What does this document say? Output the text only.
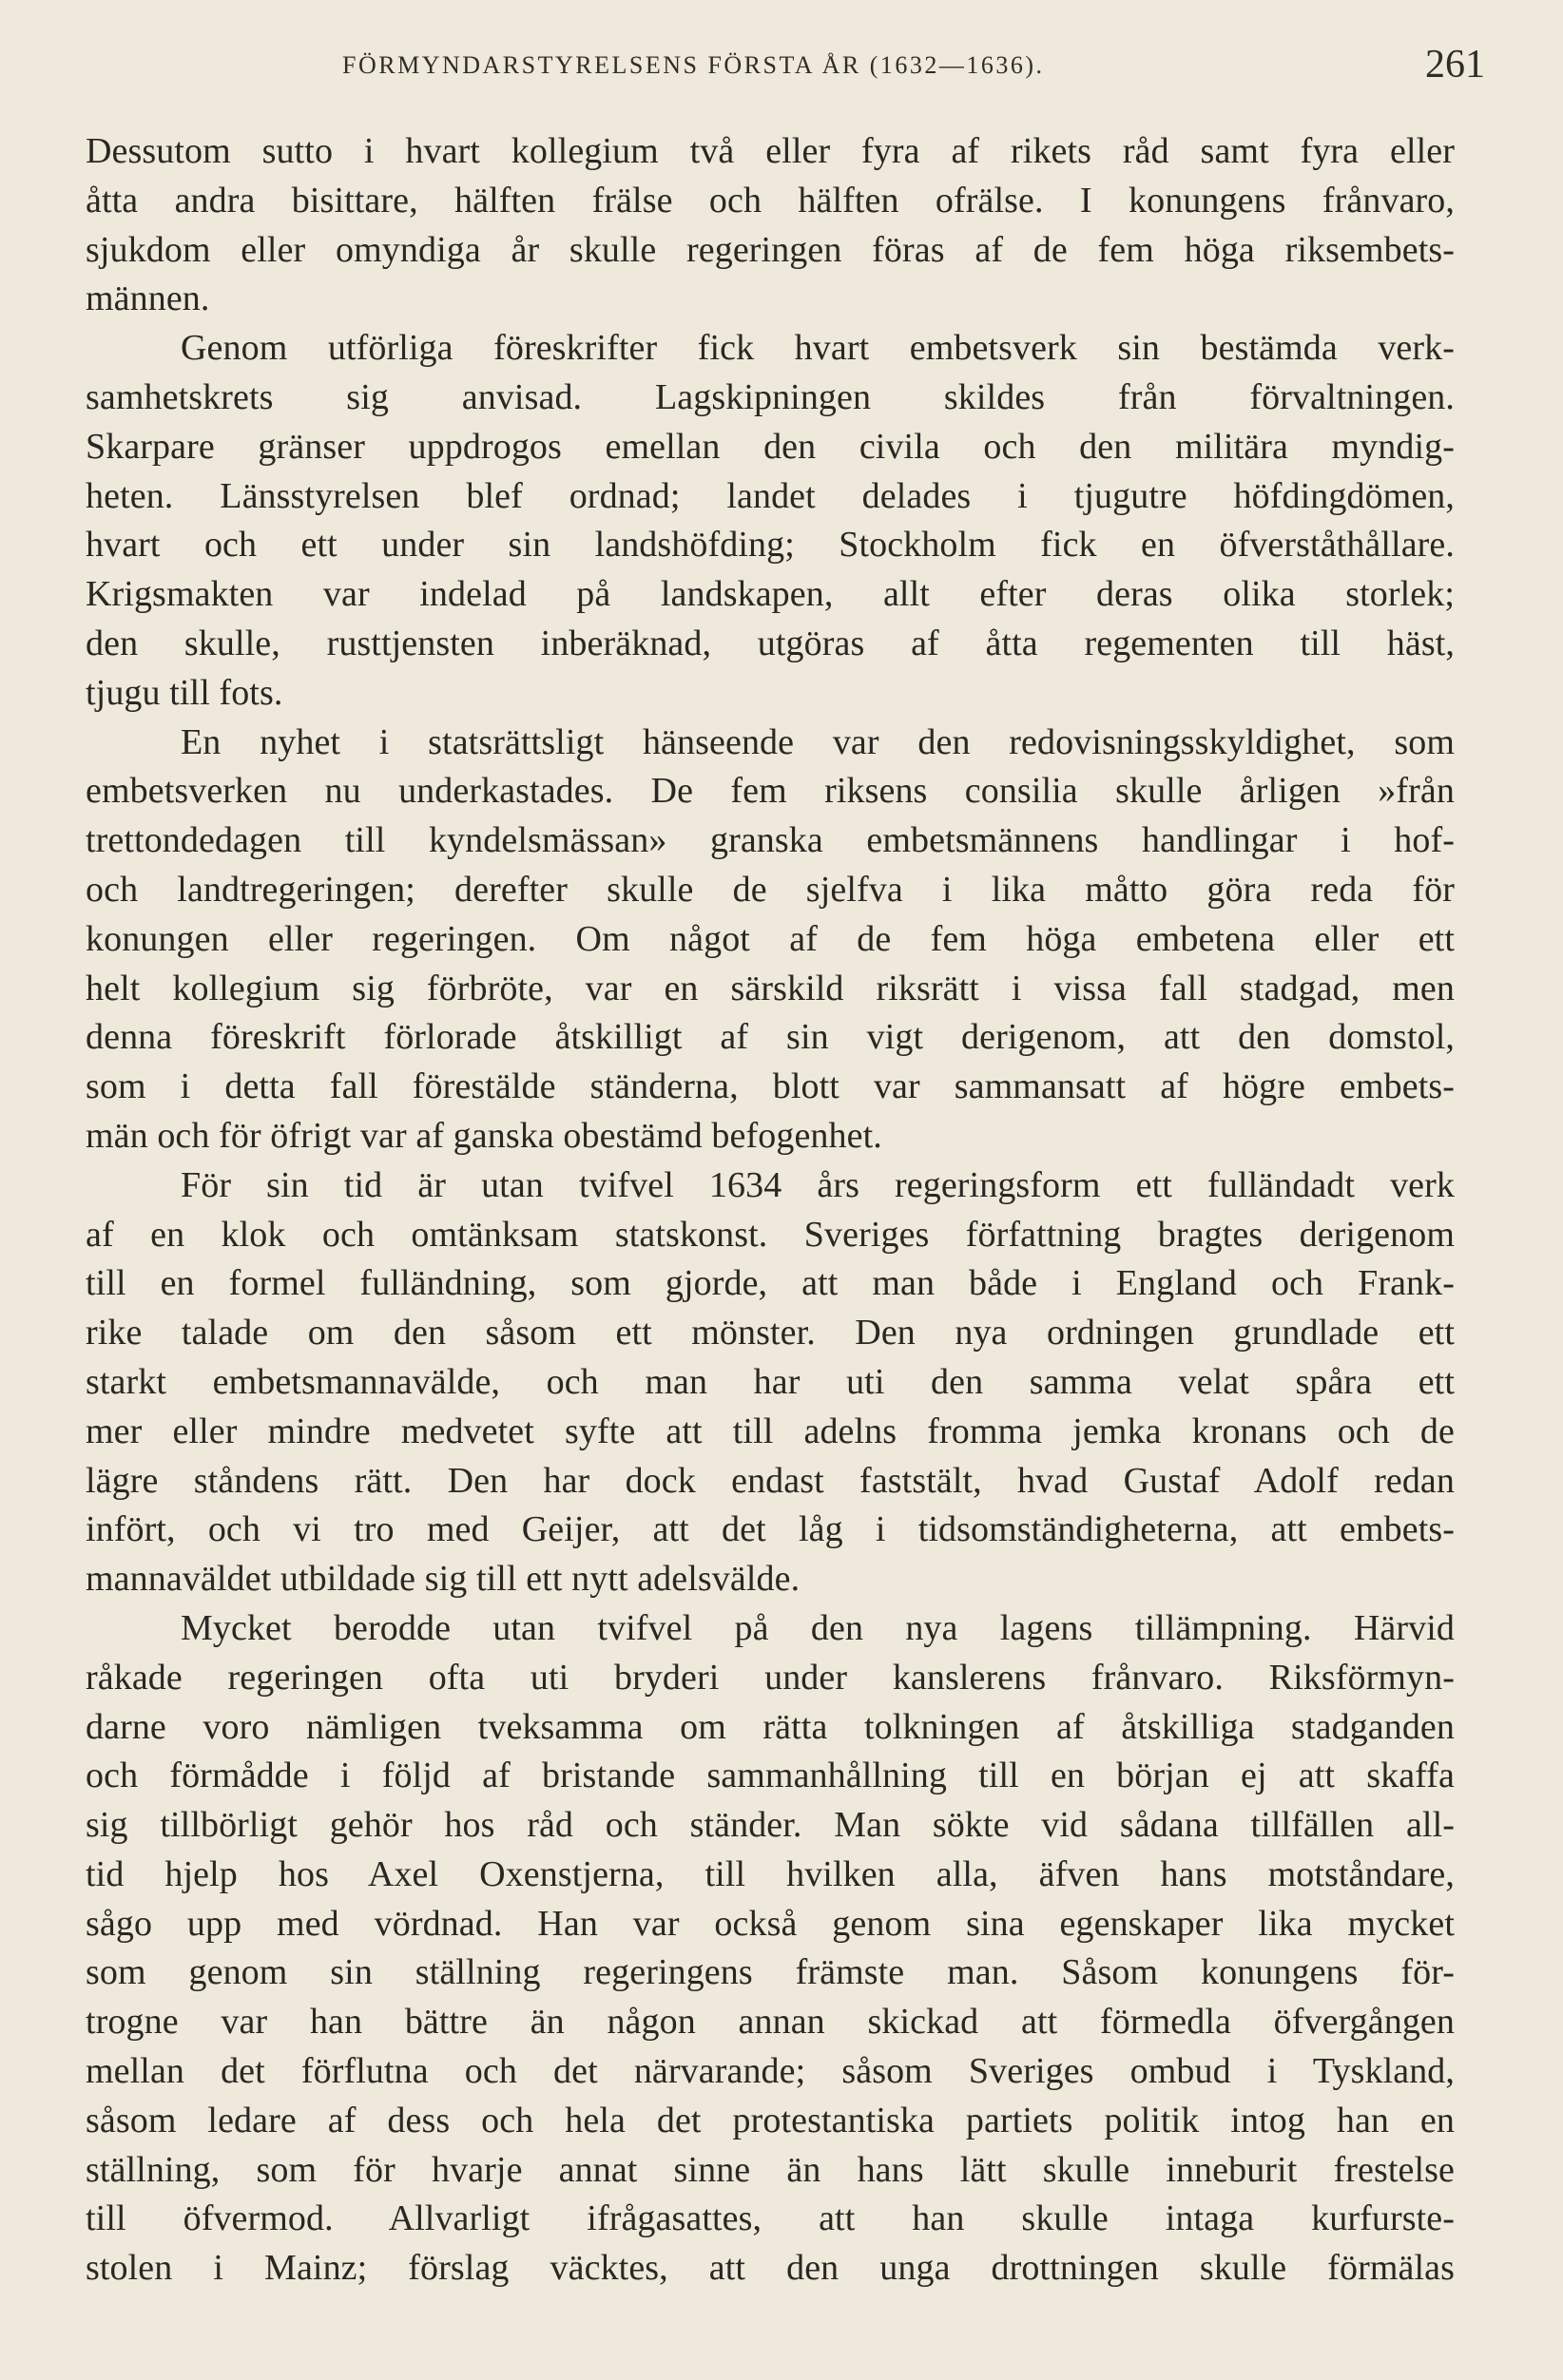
FÖRMYNDARSTYRELSENS FÖRSTA ÅR (1632—1636).	261
Dessutom sutto i hvart kollegium två eller fyra af rikets råd samt fyra eller
åtta andra bisittare, hälften frälse och hälften ofrälse. I konungens frånvaro,
sjukdom eller omyndiga år skulle regeringen föras af de fem höga riksembets-
männen.
Genom utförliga föreskrifter fick hvart embetsverk sin bestämda verk-
samhetskrets sig anvisad. Lagskipningen skildes från förvaltningen.
Skarpare gränser uppdrogos emellan den civila och den militära myndig-
heten. Länsstyrelsen blef ordnad; landet delades i tjugutre höfdingdömen,
hvart och ett under sin landshöfding; Stockholm fick en öfverståthållare.
Krigsmakten var indelad på landskapen, allt efter deras olika storlek;
den skulle, rusttjensten inberäknad, utgöras af åtta regementen till häst,
tjugu till fots.
En nyhet i statsrättsligt hänseende var den redovisningsskyldighet, som
embetsverken nu underkastades. De fem riksens consilia skulle årligen »från
trettondedagen till kyndelsmässan» granska embetsmännens handlingar i hof-
och landtregeringen; derefter skulle de sjelfva i lika måtto göra reda för
konungen eller regeringen. Om något af de fem höga embetena eller ett
helt kollegium sig förbröte, var en särskild riksrätt i vissa fall stadgad, men
denna föreskrift förlorade åtskilligt af sin vigt derigenom, att den domstol,
som i detta fall förestälde ständerna, blott var sammansatt af högre embets-
män och för öfrigt var af ganska obestämd befogenhet.
För sin tid är utan tvifvel 1634 års regeringsform ett fulländadt verk
af en klok och omtänksam statskonst. Sveriges författning bragtes derigenom
till en formel fulländning, som gjorde, att man både i England och Frank-
rike talade om den såsom ett mönster. Den nya ordningen grundlade ett
starkt embetsmannavälde, och man har uti den samma velat spåra ett
mer eller mindre medvetet syfte att till adelns fromma jemka kronans och de
lägre ståndens rätt. Den har dock endast faststält, hvad Gustaf Adolf redan
infört, och vi tro med Geijer, att det låg i tidsomständigheterna, att embets-
mannaväldet utbildade sig till ett nytt adelsvälde.
Mycket berodde utan tvifvel på den nya lagens tillämpning. Härvid
råkade regeringen ofta uti bryderi under kanslerens frånvaro. Riksförmyn-
darne voro nämligen tveksamma om rätta tolkningen af åtskilliga stadganden
och förmådde i följd af bristande sammanhållning till en början ej att skaffa
sig tillbörligt gehör hos råd och ständer. Man sökte vid sådana tillfällen all-
tid hjelp hos Axel Oxenstjerna, till hvilken alla, äfven hans motståndare,
sågo upp med vördnad. Han var också genom sina egenskaper lika mycket
som genom sin ställning regeringens främste man. Såsom konungens för-
trogne var han bättre än någon annan skickad att förmedla öfvergången
mellan det förflutna och det närvarande; såsom Sveriges ombud i Tyskland,
såsom ledare af dess och hela det protestantiska partiets politik intog han en
ställning, som för hvarje annat sinne än hans lätt skulle inneburit frestelse
till öfvermod. Allvarligt ifrågasattes, att han skulle intaga kurfurste-
stolen i Mainz; förslag väcktes, att den unga drottningen skulle förmälas
